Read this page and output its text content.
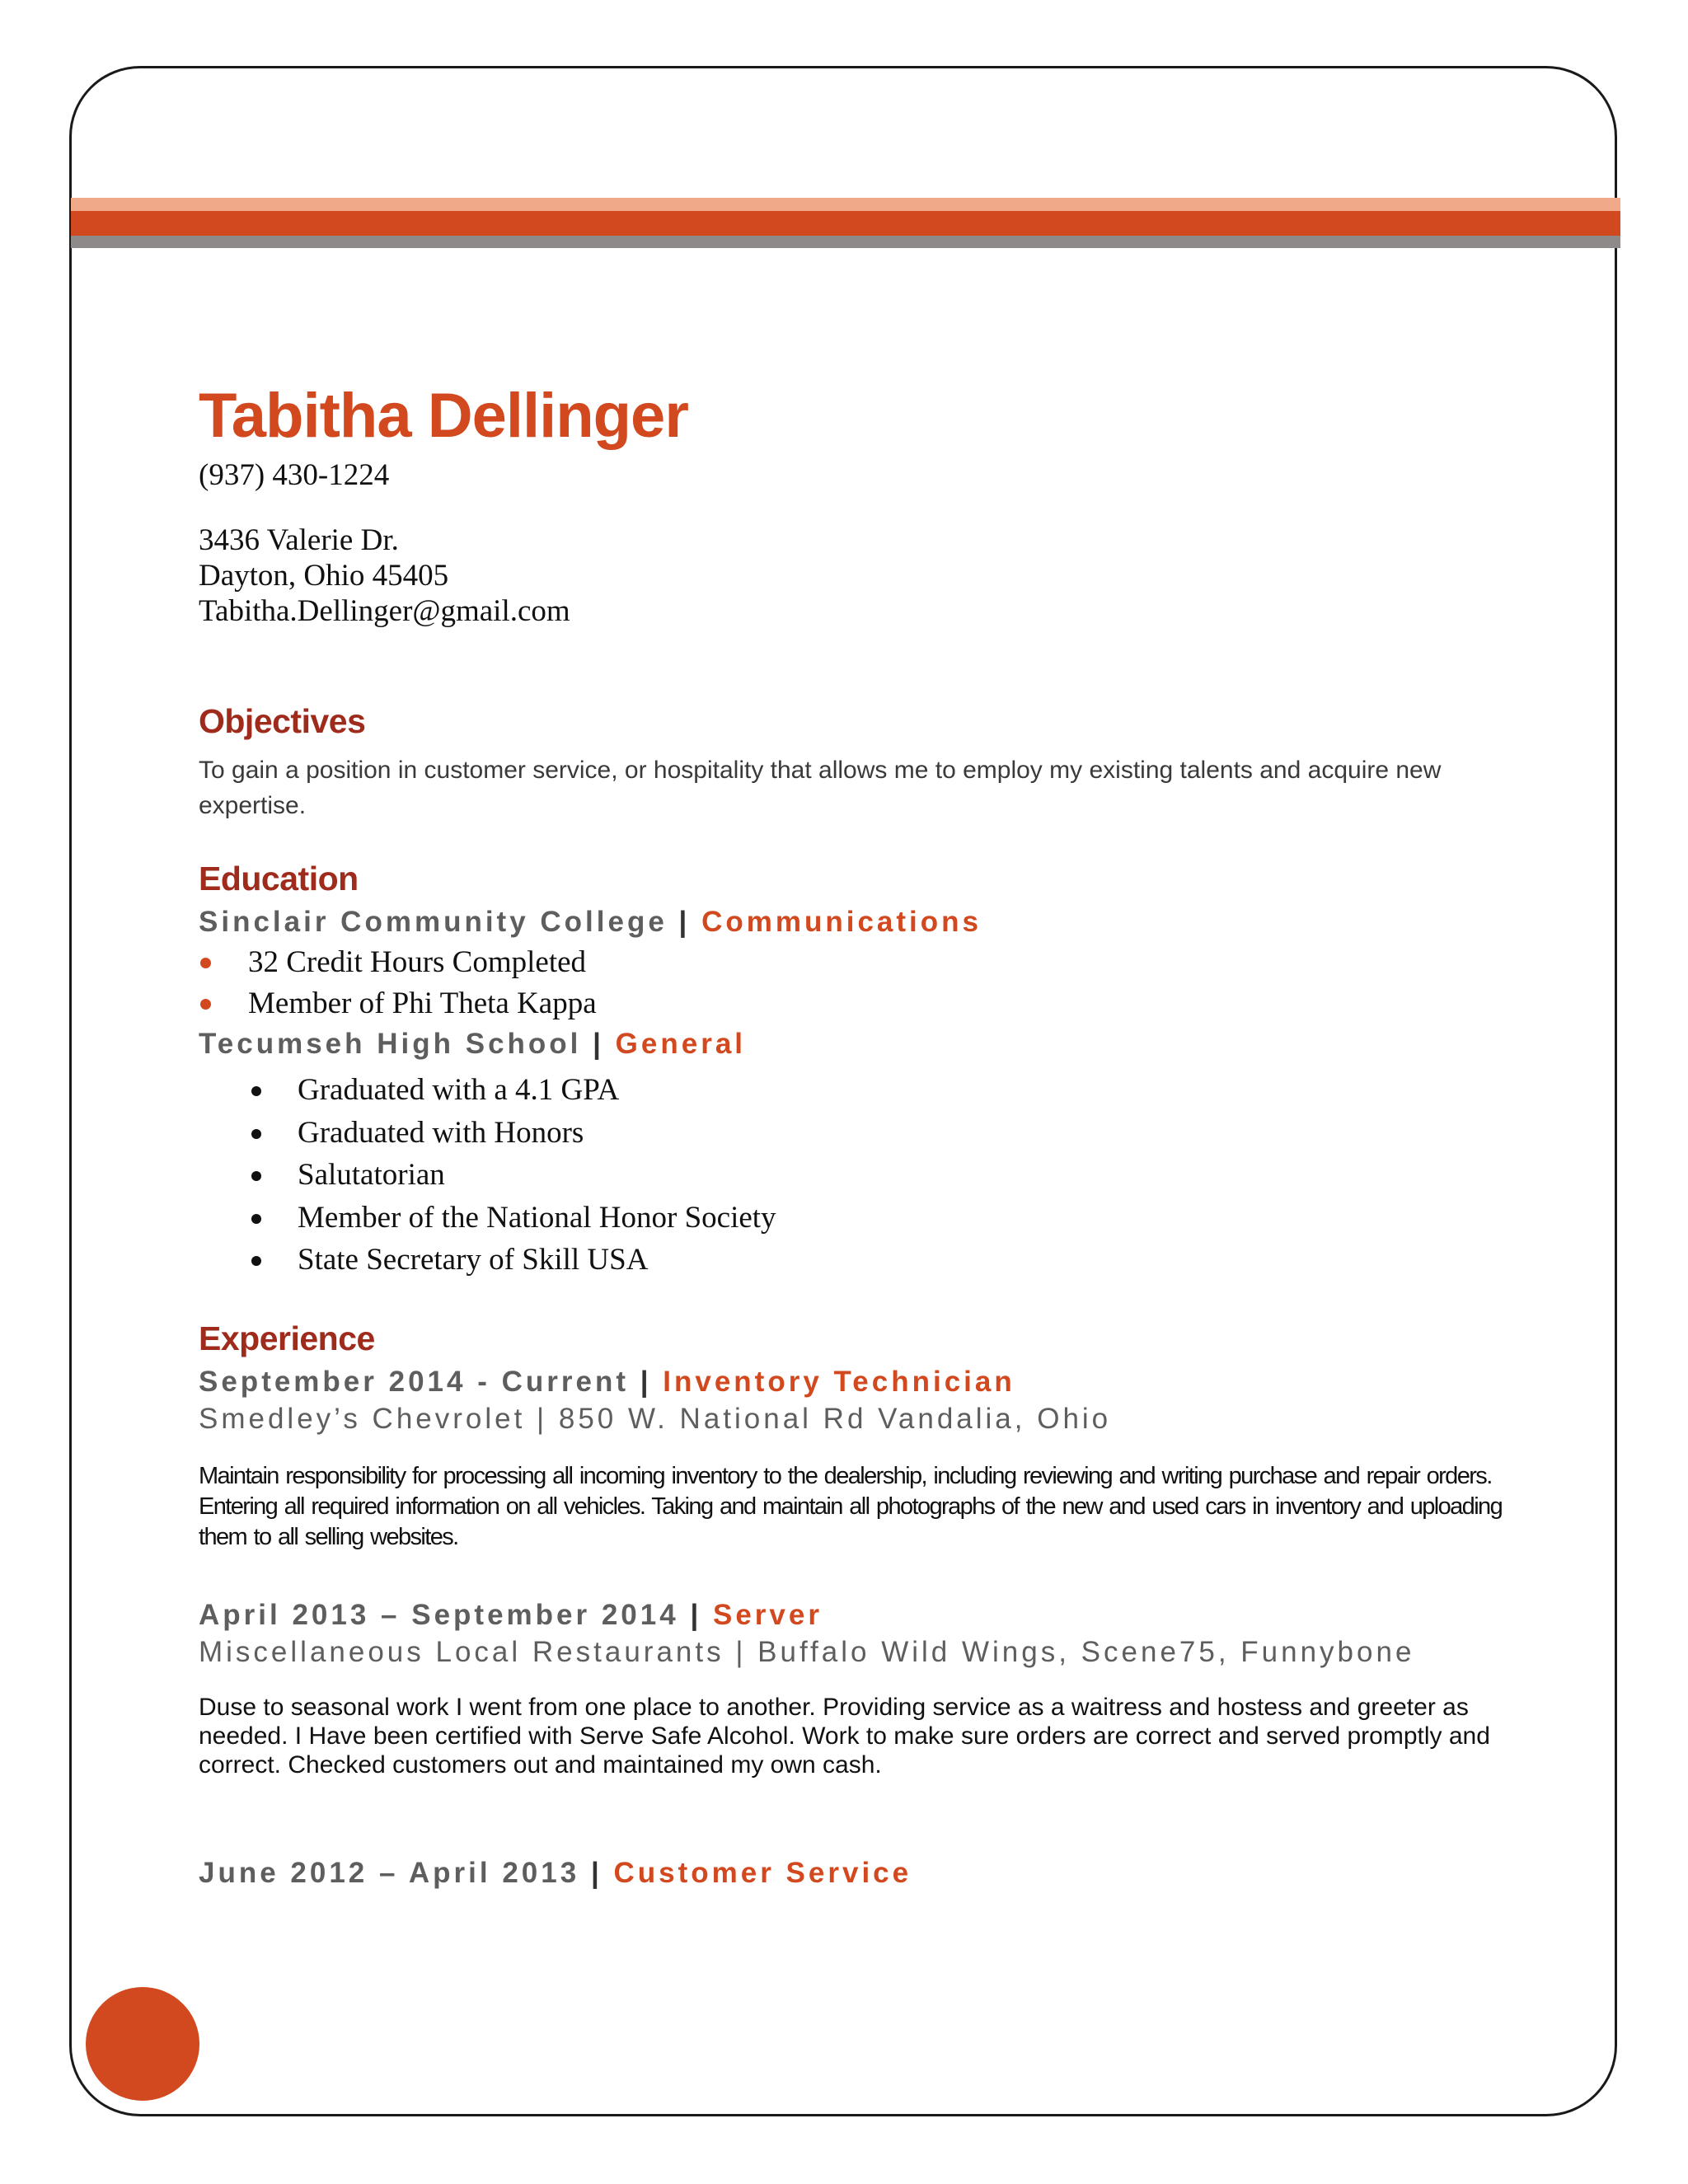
Tabitha Dellinger

(937) 430-1224

3436 Valerie Dr.

Dayton, Ohio 45405

Tabitha.Dellinger@gmail.com

Objectives

To gain a position in customer service, or hospitality that allows me to employ my existing talents and acquire new expertise.

Education

Sinclair Community College | Communications

32 Credit Hours Completed
Member of Phi Theta Kappa

Tecumseh High School | General

Graduated with a 4.1 GPA
Graduated with Honors
Salutatorian
Member of the National Honor Society
State Secretary of Skill USA
Experience

September 2014 - Current | Inventory Technician

Smedley’s Chevrolet | 850 W. National Rd Vandalia, Ohio

Maintain responsibility for processing all incoming inventory to the dealership, including reviewing and writing purchase and repair orders. Entering all required information on all vehicles. Taking and maintain all photographs of the new and used cars in inventory and uploading them to all selling websites.

April 2013 – September 2014 | Server

Miscellaneous Local Restaurants | Buffalo Wild Wings, Scene75, Funnybone

Duse to seasonal work I went from one place to another. Providing service as a waitress and hostess and greeter as needed. I Have been certified with Serve Safe Alcohol. Work to make sure orders are correct and served promptly and correct. Checked customers out and maintained my own cash.

June 2012 – April 2013 | Customer Service
